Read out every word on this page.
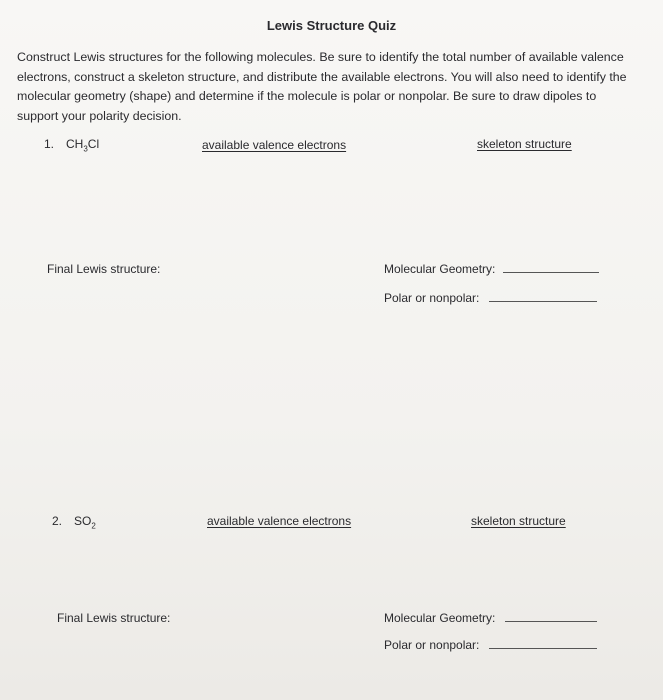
Lewis Structure Quiz
Construct Lewis structures for the following molecules. Be sure to identify the total number of available valence electrons, construct a skeleton structure, and distribute the available electrons. You will also need to identify the molecular geometry (shape) and determine if the molecule is polar or nonpolar. Be sure to draw dipoles to support your polarity decision.
1. $CH_3Cl$	available valence electrons	skeleton structure
Final Lewis structure:	Molecular Geometry:
Polar or nonpolar:
2. $SO_2$	available valence electrons	skeleton structure
Final Lewis structure:	Molecular Geometry:
Polar or nonpolar:
